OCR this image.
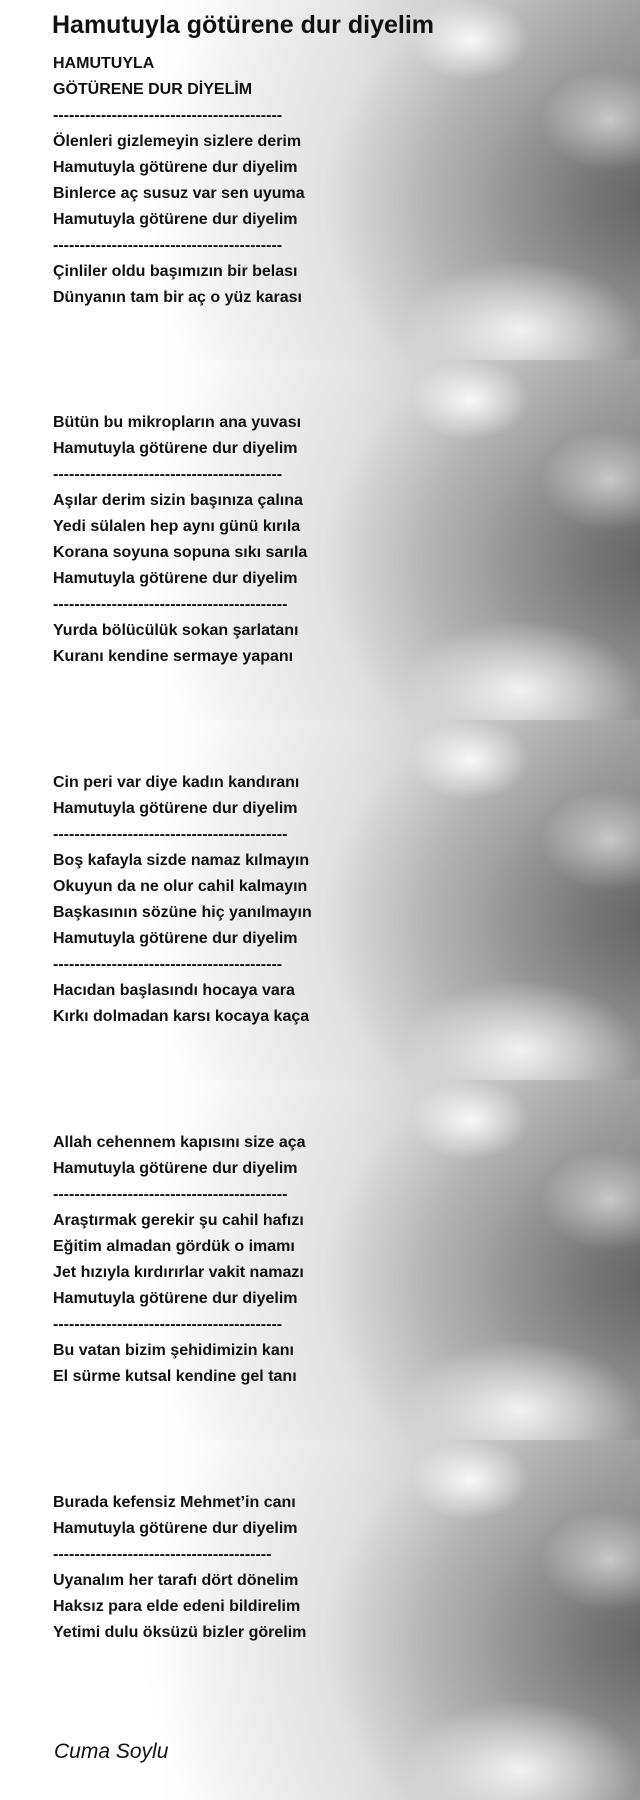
Hamutuyla götürene dur diyelim
HAMUTUYLA
GÖTÜRENE DUR DİYELİM
-------------------------------------------
Ölenleri gizlemeyin sizlere derim
Hamutuyla götürene dur diyelim
Binlerce aç susuz var sen uyuma
Hamutuyla götürene dur diyelim
-------------------------------------------
Çinliler oldu başımızın bir belası
Dünyanın tam bir aç o yüz karası
Bütün bu mikropların ana yuvası
Hamutuyla götürene dur diyelim
-------------------------------------------
Aşılar derim sizin başınıza çalına
Yedi sülalen hep aynı günü kırıla
Korana soyuna sopuna sıkı sarıla
Hamutuyla götürene dur diyelim
--------------------------------------------
Yurda bölücülük sokan şarlatanı
Kuranı kendine sermaye yapanı
Cin peri var diye kadın kandıranı
Hamutuyla götürene dur diyelim
--------------------------------------------
Boş kafayla sizde namaz kılmayın
Okuyun da ne olur cahil kalmayın
Başkasının sözüne hiç yanılmayın
Hamutuyla götürene dur diyelim
-------------------------------------------
Hacıdan başlasındı hocaya vara
Kırkı dolmadan karsı kocaya kaça
Allah cehennem kapısını size aça
Hamutuyla götürene dur diyelim
--------------------------------------------
Araştırmak gerekir şu cahil hafızı
Eğitim almadan gördük o imamı
Jet hızıyla kırdırırlar vakit namazı
Hamutuyla götürene dur diyelim
-------------------------------------------
Bu vatan bizim şehidimizin kanı
El sürme kutsal kendine gel tanı
Burada kefensiz Mehmet’in canı
Hamutuyla götürene dur diyelim
-----------------------------------------
Uyanalım her tarafı dört dönelim
Haksız para elde edeni bildirelim
Yetimi dulu öksüzü bizler görelim
Cuma Soylu
